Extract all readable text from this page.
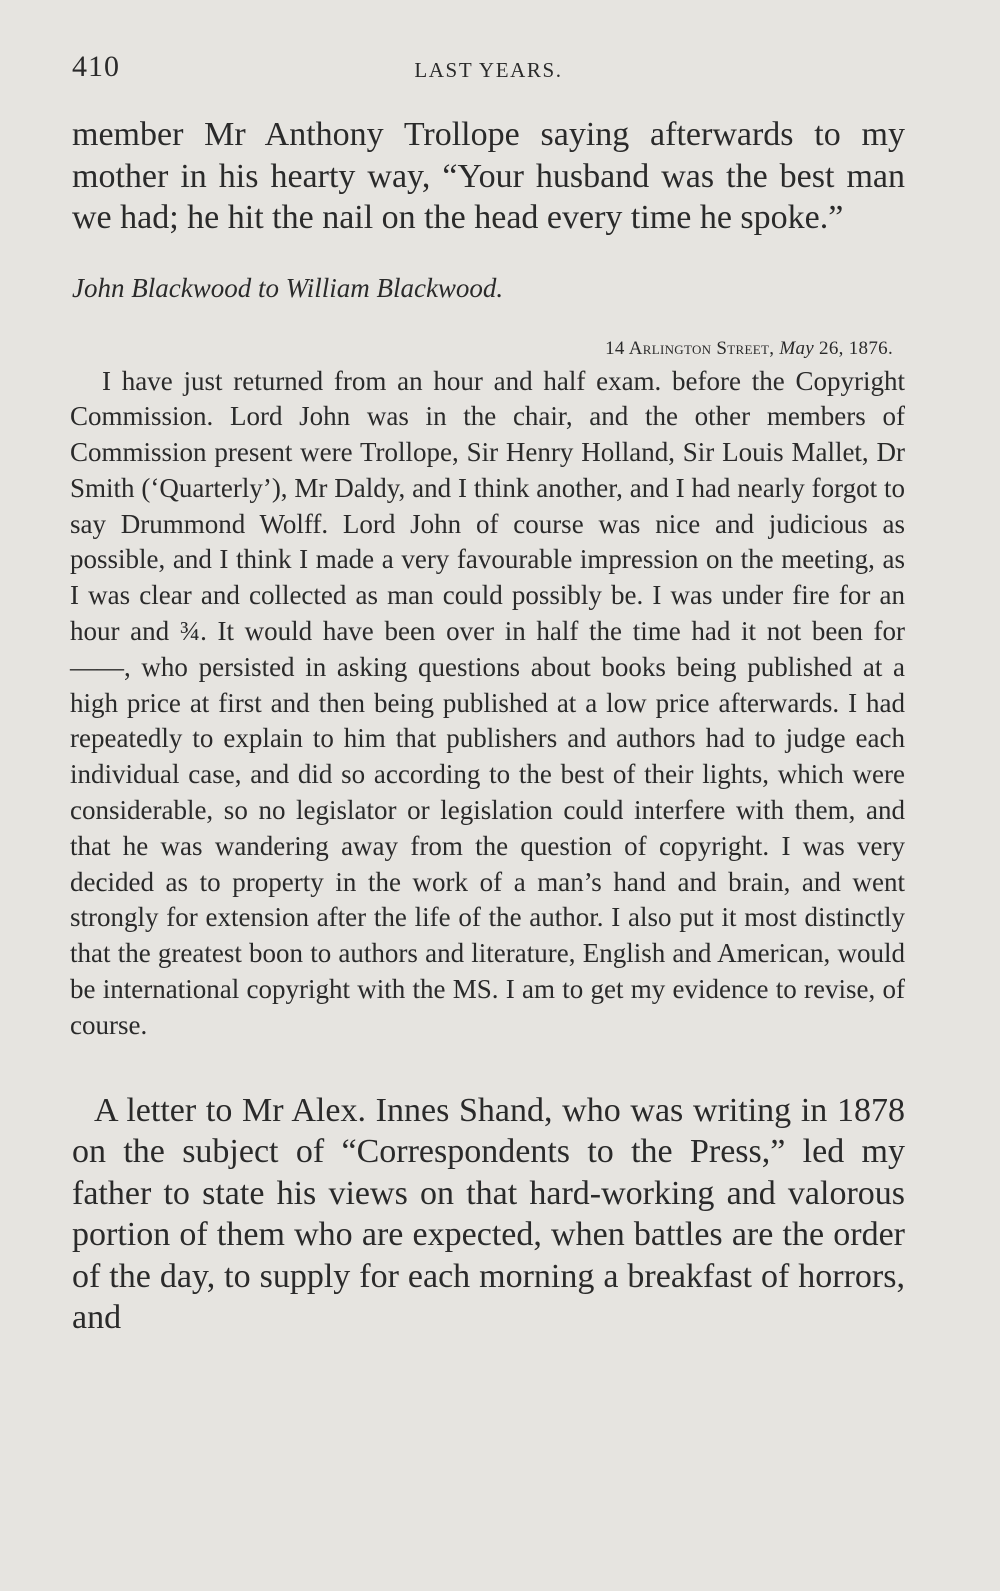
410	LAST YEARS.

member Mr Anthony Trollope saying afterwards to my mother in his hearty way, “Your husband was the best man we had; he hit the nail on the head every time he spoke.”

John Blackwood to William Blackwood.

14 Arlington Street, May 26, 1876.

I have just returned from an hour and half exam. before the Copyright Commission. Lord John was in the chair, and the other members of Commission present were Trollope, Sir Henry Holland, Sir Louis Mallet, Dr Smith (‘Quarterly’), Mr Daldy, and I think another, and I had nearly forgot to say Drummond Wolff. Lord John of course was nice and judicious as possible, and I think I made a very favourable impression on the meeting, as I was clear and collected as man could possibly be. I was under fire for an hour and ¾. It would have been over in half the time had it not been for ——, who persisted in asking questions about books being published at a high price at first and then being published at a low price afterwards. I had repeatedly to explain to him that publishers and authors had to judge each individual case, and did so according to the best of their lights, which were considerable, so no legislator or legislation could interfere with them, and that he was wandering away from the question of copyright. I was very decided as to property in the work of a man’s hand and brain, and went strongly for extension after the life of the author. I also put it most distinctly that the greatest boon to authors and literature, English and American, would be international copyright with the MS. I am to get my evidence to revise, of course.

A letter to Mr Alex. Innes Shand, who was writing in 1878 on the subject of “Correspondents to the Press,” led my father to state his views on that hard-working and valorous portion of them who are expected, when battles are the order of the day, to supply for each morning a breakfast of horrors, and
